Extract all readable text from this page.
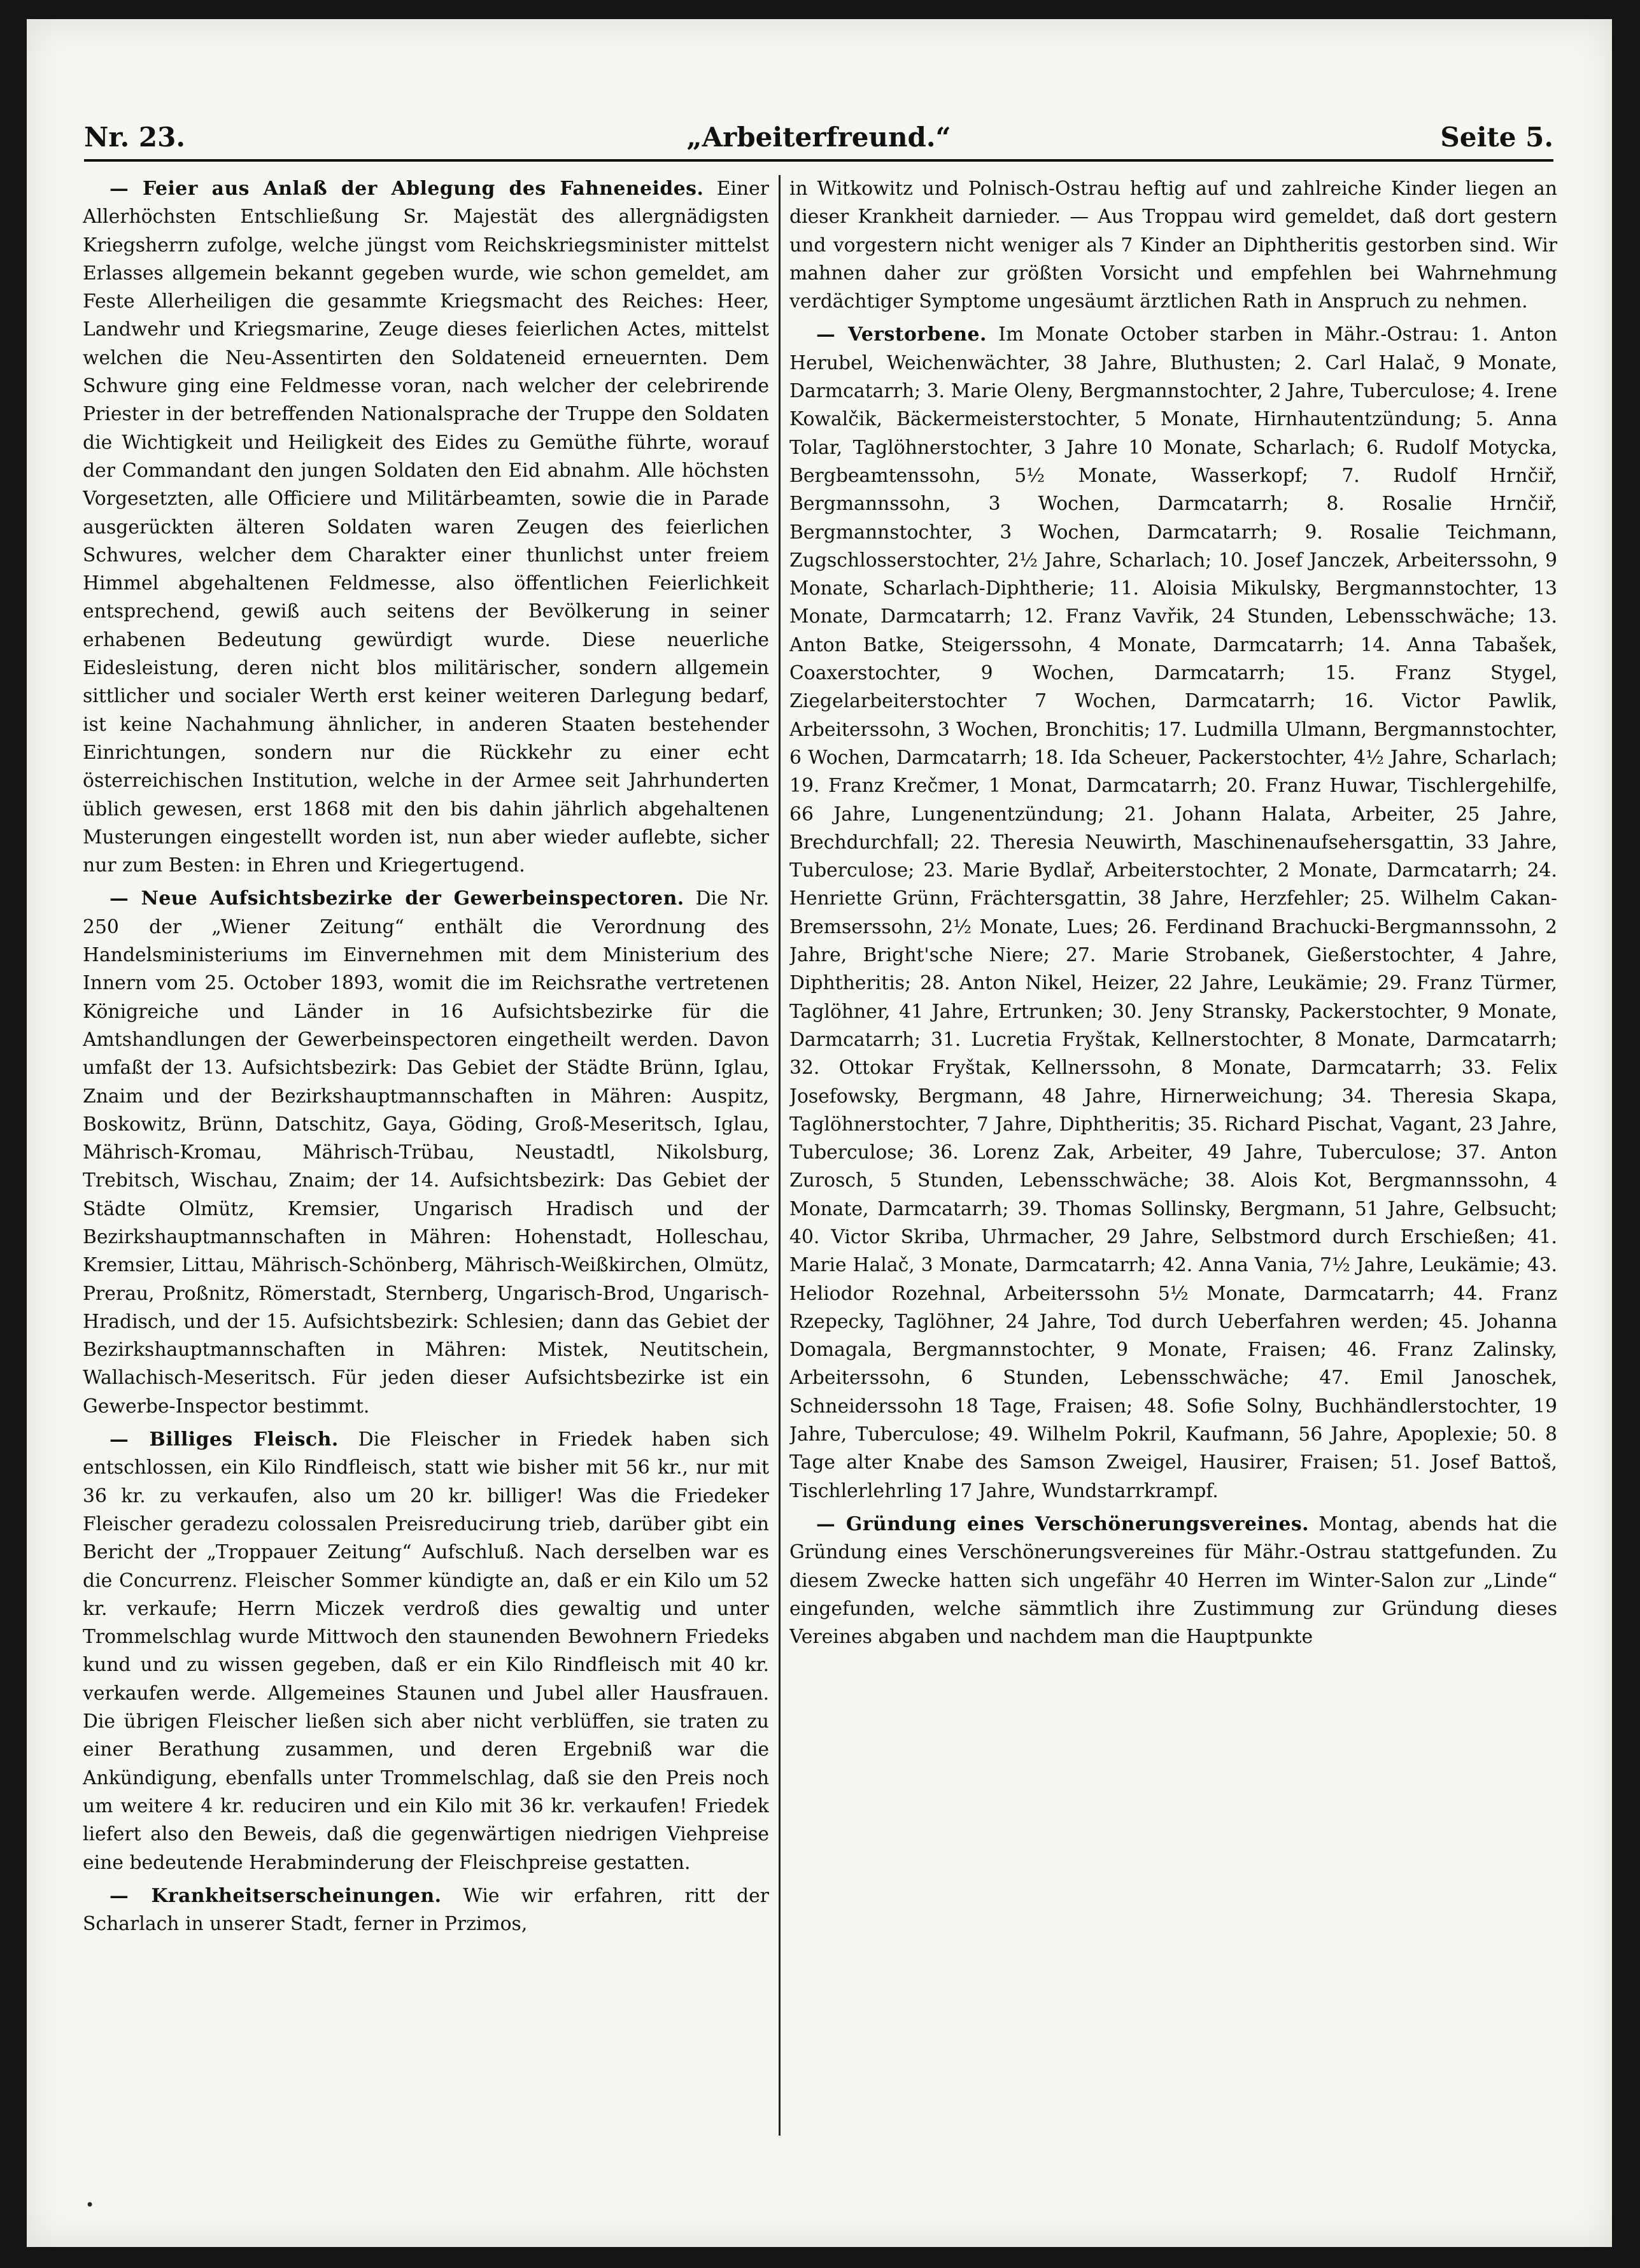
Nr. 23.	„Arbeiterfreund.“	Seite 5.

— Feier aus Anlaß der Ablegung des Fahneneides. Einer Allerhöchsten Entschließung Sr. Majestät des allergnädigsten Kriegsherrn zufolge, welche jüngst vom Reichskriegsminister mittelst Erlasses allgemein bekannt gegeben wurde, wie schon gemeldet, am Feste Allerheiligen die gesammte Kriegsmacht des Reiches: Heer, Landwehr und Kriegsmarine, Zeuge dieses feierlichen Actes, mittelst welchen die Neu-Assentirten den Soldateneid erneuernten. Dem Schwure ging eine Feldmesse voran, nach welcher der celebrirende Priester in der betreffenden Nationalsprache der Truppe den Soldaten die Wichtigkeit und Heiligkeit des Eides zu Gemüthe führte, worauf der Commandant den jungen Soldaten den Eid abnahm. Alle höchsten Vorgesetzten, alle Officiere und Militärbeamten, sowie die in Parade ausgerückten älteren Soldaten waren Zeugen des feierlichen Schwures, welcher dem Charakter einer thunlichst unter freiem Himmel abgehaltenen Feldmesse, also öffentlichen Feierlichkeit entsprechend, gewiß auch seitens der Bevölkerung in seiner erhabenen Bedeutung gewürdigt wurde. Diese neuerliche Eidesleistung, deren nicht blos militärischer, sondern allgemein sittlicher und socialer Werth erst keiner weiteren Darlegung bedarf, ist keine Nachahmung ähnlicher, in anderen Staaten bestehender Einrichtungen, sondern nur die Rückkehr zu einer echt österreichischen Institution, welche in der Armee seit Jahrhunderten üblich gewesen, erst 1868 mit den bis dahin jährlich abgehaltenen Musterungen eingestellt worden ist, nun aber wieder auflebte, sicher nur zum Besten: in Ehren und Kriegertugend.

— Neue Aufsichtsbezirke der Gewerbeinspectoren. Die Nr. 250 der „Wiener Zeitung“ enthält die Verordnung des Handelsministeriums im Einvernehmen mit dem Ministerium des Innern vom 25. October 1893, womit die im Reichsrathe vertretenen Königreiche und Länder in 16 Aufsichtsbezirke für die Amtshandlungen der Gewerbeinspectoren eingetheilt werden. Davon umfaßt der 13. Aufsichtsbezirk: Das Gebiet der Städte Brünn, Iglau, Znaim und der Bezirkshauptmannschaften in Mähren: Auspitz, Boskowitz, Brünn, Datschitz, Gaya, Göding, Groß-Meseritsch, Iglau, Mährisch-Kromau, Mährisch-Trübau, Neustadtl, Nikolsburg, Trebitsch, Wischau, Znaim; der 14. Aufsichtsbezirk: Das Gebiet der Städte Olmütz, Kremsier, Ungarisch Hradisch und der Bezirkshauptmannschaften in Mähren: Hohenstadt, Holleschau, Kremsier, Littau, Mährisch-Schönberg, Mährisch-Weißkirchen, Olmütz, Prerau, Proßnitz, Römerstadt, Sternberg, Ungarisch-Brod, Ungarisch-Hradisch, und der 15. Aufsichtsbezirk: Schlesien; dann das Gebiet der Bezirkshauptmannschaften in Mähren: Mistek, Neutitschein, Wallachisch-Meseritsch. Für jeden dieser Aufsichtsbezirke ist ein Gewerbe-Inspector bestimmt.

— Billiges Fleisch. Die Fleischer in Friedek haben sich entschlossen, ein Kilo Rindfleisch, statt wie bisher mit 56 kr., nur mit 36 kr. zu verkaufen, also um 20 kr. billiger! Was die Friedeker Fleischer geradezu colossalen Preisreducirung trieb, darüber gibt ein Bericht der „Troppauer Zeitung“ Aufschluß. Nach derselben war es die Concurrenz. Fleischer Sommer kündigte an, daß er ein Kilo um 52 kr. verkaufe; Herrn Miczek verdroß dies gewaltig und unter Trommelschlag wurde Mittwoch den staunenden Bewohnern Friedeks kund und zu wissen gegeben, daß er ein Kilo Rindfleisch mit 40 kr. verkaufen werde. Allgemeines Staunen und Jubel aller Hausfrauen. Die übrigen Fleischer ließen sich aber nicht verblüffen, sie traten zu einer Berathung zusammen, und deren Ergebniß war die Ankündigung, ebenfalls unter Trommelschlag, daß sie den Preis noch um weitere 4 kr. reduciren und ein Kilo mit 36 kr. verkaufen! Friedek liefert also den Beweis, daß die gegenwärtigen niedrigen Viehpreise eine bedeutende Herabminderung der Fleischpreise gestatten.

— Krankheitserscheinungen. Wie wir erfahren, ritt der Scharlach in unserer Stadt, ferner in Przimos,

in Witkowitz und Polnisch-Ostrau heftig auf und zahlreiche Kinder liegen an dieser Krankheit darnieder. — Aus Troppau wird gemeldet, daß dort gestern und vorgestern nicht weniger als 7 Kinder an Diphtheritis gestorben sind. Wir mahnen daher zur größten Vorsicht und empfehlen bei Wahrnehmung verdächtiger Symptome ungesäumt ärztlichen Rath in Anspruch zu nehmen.

— Verstorbene. Im Monate October starben in Mähr.-Ostrau: 1. Anton Herubel, Weichenwächter, 38 Jahre, Bluthusten; 2. Carl Halač, 9 Monate, Darmcatarrh; 3. Marie Oleny, Bergmannstochter, 2 Jahre, Tuberculose; 4. Irene Kowalčik, Bäckermeisterstochter, 5 Monate, Hirnhautentzündung; 5. Anna Tolar, Taglöhnerstochter, 3 Jahre 10 Monate, Scharlach; 6. Rudolf Motycka, Bergbeamtenssohn, 5½ Monate, Wasserkopf; 7. Rudolf Hrnčiř, Bergmannssohn, 3 Wochen, Darmcatarrh; 8. Rosalie Hrnčiř, Bergmannstochter, 3 Wochen, Darmcatarrh; 9. Rosalie Teichmann, Zugschlosserstochter, 2½ Jahre, Scharlach; 10. Josef Janczek, Arbeiterssohn, 9 Monate, Scharlach-Diphtherie; 11. Aloisia Mikulsky, Bergmannstochter, 13 Monate, Darmcatarrh; 12. Franz Vavřik, 24 Stunden, Lebensschwäche; 13. Anton Batke, Steigerssohn, 4 Monate, Darmcatarrh; 14. Anna Tabašek, Coaxerstochter, 9 Wochen, Darmcatarrh; 15. Franz Stygel, Ziegelarbeiterstochter 7 Wochen, Darmcatarrh; 16. Victor Pawlik, Arbeiterssohn, 3 Wochen, Bronchitis; 17. Ludmilla Ulmann, Bergmannstochter, 6 Wochen, Darmcatarrh; 18. Ida Scheuer, Packerstochter, 4½ Jahre, Scharlach; 19. Franz Krečmer, 1 Monat, Darmcatarrh; 20. Franz Huwar, Tischlergehilfe, 66 Jahre, Lungenentzündung; 21. Johann Halata, Arbeiter, 25 Jahre, Brechdurchfall; 22. Theresia Neuwirth, Maschinenaufsehersgattin, 33 Jahre, Tuberculose; 23. Marie Bydlař, Arbeiterstochter, 2 Monate, Darmcatarrh; 24. Henriette Grünn, Frächtersgattin, 38 Jahre, Herzfehler; 25. Wilhelm Cakan-Bremserssohn, 2½ Monate, Lues; 26. Ferdinand Brachucki-Bergmannssohn, 2 Jahre, Bright'sche Niere; 27. Marie Strobanek, Gießerstochter, 4 Jahre, Diphtheritis; 28. Anton Nikel, Heizer, 22 Jahre, Leukämie; 29. Franz Türmer, Taglöhner, 41 Jahre, Ertrunken; 30. Jeny Stransky, Packerstochter, 9 Monate, Darmcatarrh; 31. Lucretia Fryštak, Kellnerstochter, 8 Monate, Darmcatarrh; 32. Ottokar Fryštak, Kellnerssohn, 8 Monate, Darmcatarrh; 33. Felix Josefowsky, Bergmann, 48 Jahre, Hirnerweichung; 34. Theresia Skapa, Taglöhnerstochter, 7 Jahre, Diphtheritis; 35. Richard Pischat, Vagant, 23 Jahre, Tuberculose; 36. Lorenz Zak, Arbeiter, 49 Jahre, Tuberculose; 37. Anton Zurosch, 5 Stunden, Lebensschwäche; 38. Alois Kot, Bergmannssohn, 4 Monate, Darmcatarrh; 39. Thomas Sollinsky, Bergmann, 51 Jahre, Gelbsucht; 40. Victor Skriba, Uhrmacher, 29 Jahre, Selbstmord durch Erschießen; 41. Marie Halač, 3 Monate, Darmcatarrh; 42. Anna Vania, 7½ Jahre, Leukämie; 43. Heliodor Rozehnal, Arbeiterssohn 5½ Monate, Darmcatarrh; 44. Franz Rzepecky, Taglöhner, 24 Jahre, Tod durch Ueberfahren werden; 45. Johanna Domagala, Bergmannstochter, 9 Monate, Fraisen; 46. Franz Zalinsky, Arbeiterssohn, 6 Stunden, Lebensschwäche; 47. Emil Janoschek, Schneiderssohn 18 Tage, Fraisen; 48. Sofie Solny, Buchhändlerstochter, 19 Jahre, Tuberculose; 49. Wilhelm Pokril, Kaufmann, 56 Jahre, Apoplexie; 50. 8 Tage alter Knabe des Samson Zweigel, Hausirer, Fraisen; 51. Josef Battoš, Tischlerlehrling 17 Jahre, Wundstarrkrampf.

— Gründung eines Verschönerungsvereines. Montag, abends hat die Gründung eines Verschönerungsvereines für Mähr.-Ostrau stattgefunden. Zu diesem Zwecke hatten sich ungefähr 40 Herren im Winter-Salon zur „Linde“ eingefunden, welche sämmtlich ihre Zustimmung zur Gründung dieses Vereines abgaben und nachdem man die Hauptpunkte

•
